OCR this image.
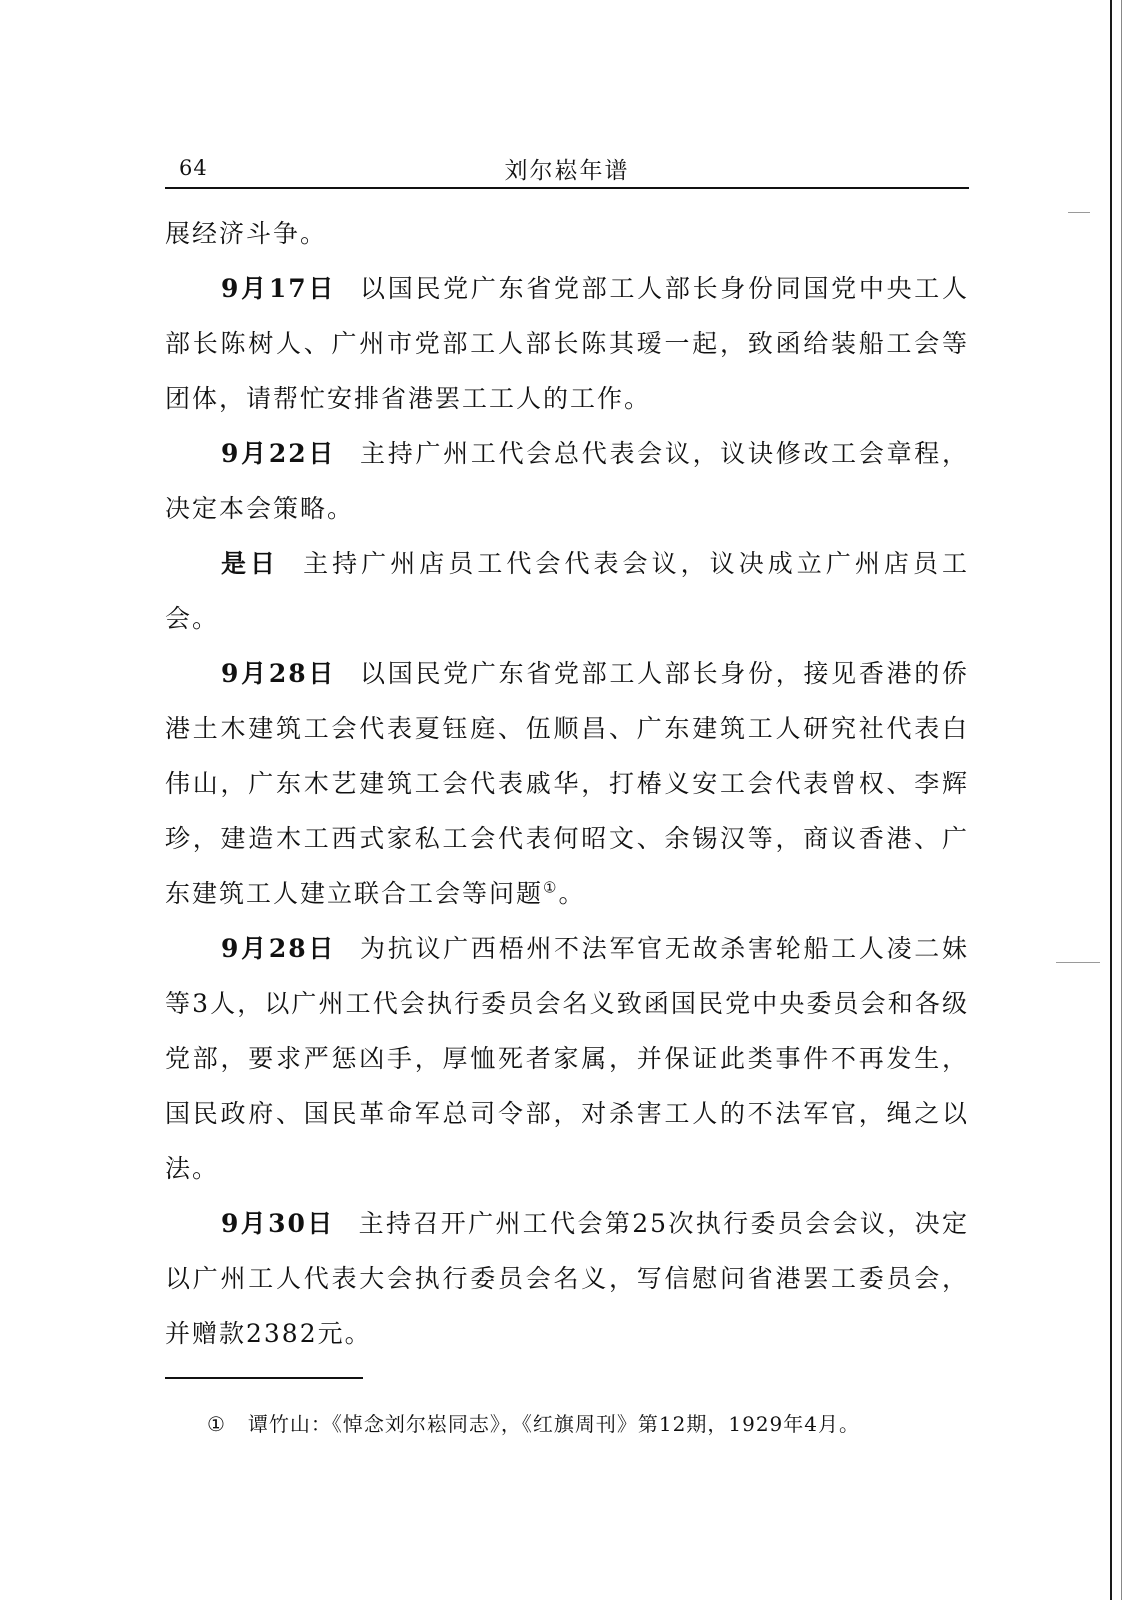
64	刘尔崧年谱

展经济斗争。

9月17日 以国民党广东省党部工人部长身份同国党中央工人部长陈树人、广州市党部工人部长陈其瑷一起，致函给装船工会等团体，请帮忙安排省港罢工工人的工作。

9月22日 主持广州工代会总代表会议，议诀修改工会章程，决定本会策略。

是日 主持广州店员工代会代表会议，议决成立广州店员工会。

9月28日 以国民党广东省党部工人部长身份，接见香港的侨港土木建筑工会代表夏钰庭、伍顺昌、广东建筑工人研究社代表白伟山，广东木艺建筑工会代表戚华，打椿义安工会代表曾权、李辉珍，建造木工西式家私工会代表何昭文、余锡汉等，商议香港、广东建筑工人建立联合工会等问题①。

9月28日 为抗议广西梧州不法军官无故杀害轮船工人凌二妹等3人，以广州工代会执行委员会名义致函国民党中央委员会和各级党部，要求严惩凶手，厚恤死者家属，并保证此类事件不再发生，国民政府、国民革命军总司令部，对杀害工人的不法军官，绳之以法。

9月30日 主持召开广州工代会第25次执行委员会会议，决定以广州工人代表大会执行委员会名义，写信慰问省港罢工委员会，并赠款2382元。

① 谭竹山：《悼念刘尔崧同志》，《红旗周刊》第12期，1929年4月。
